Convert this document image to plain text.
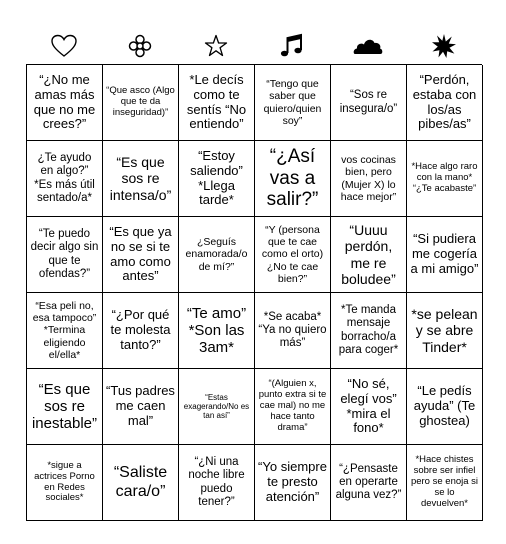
“¿No me amas más que no me crees?”
“Que asco (Algo que te da inseguridad)”
*Le decís como te sentís “No entiendo”
“Tengo que saber que quiero/quien soy”
“Sos re insegura/o”
“Perdón, estaba con los/as pibes/as”
¿Te ayudo en algo?” *Es más útil sentado/a*
“Es que sos re intensa/o”
“Estoy saliendo” *Llega tarde*
“¿Así vas a salir?”
vos cocinas bien, pero (Mujer X) lo hace mejor”
*Hace algo raro con la mano* “¿Te acabaste”
“Te puedo decir algo sin que te ofendas?”
“Es que ya no se si te amo como antes”
¿Seguís enamorada/o de mí?”
“Y (persona que te cae como el orto) ¿No te cae bien?”
“Uuuu perdón, me re boludee”
“Si pudiera me cogería a mi amigo”
“Esa peli no, esa tampoco” *Termina eligiendo el/ella*
“¿Por qué te molesta tanto?”
“Te amo” *Son las 3am*
*Se acaba* “Ya no quiero más”
*Te manda mensaje borracho/a para coger*
*se pelean y se abre Tinder*
“Es que sos re inestable”
“Tus padres me caen mal”
“Estas exagerando/No es tan así”
“(Alguien x, punto extra si te cae mal) no me hace tanto drama”
“No sé, elegí vos” *mira el fono*
“Le pedís ayuda” (Te ghostea)
*sigue a actrices Porno en Redes sociales*
“Saliste cara/o”
“¿Ni una noche libre puedo tener?”
“Yo siempre te presto atención”
“¿Pensaste en operarte alguna vez?”
*Hace chistes sobre ser infiel pero se enoja si se lo devuelven*
